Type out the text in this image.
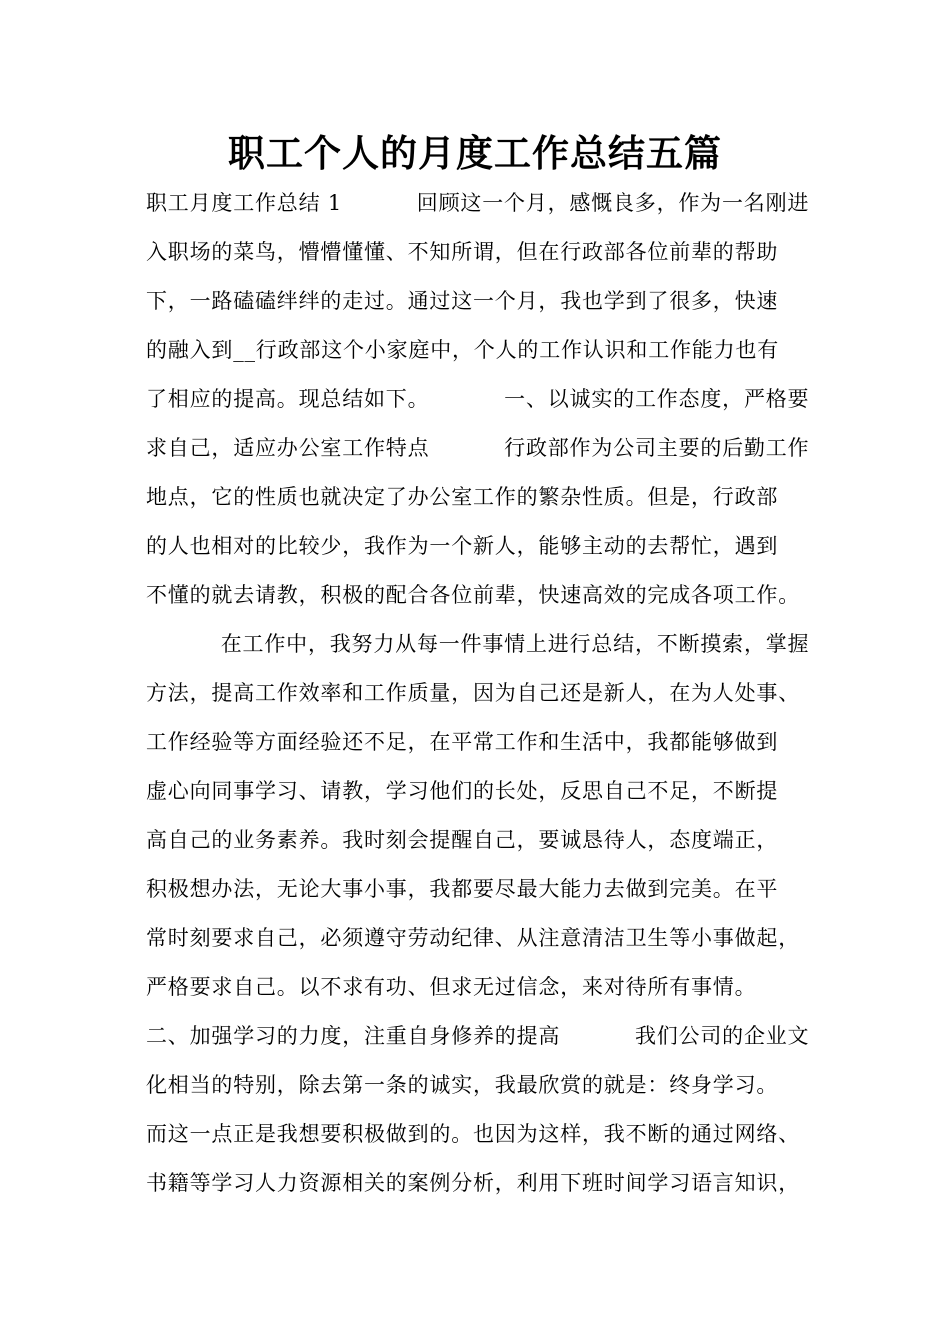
职工个人的月度工作总结五篇
职工月度工作总结 1          回顾这一个月，感慨良多，作为一名刚进
入职场的菜鸟，懵懵懂懂、不知所谓，但在行政部各位前辈的帮助
下，一路磕磕绊绊的走过。通过这一个月，我也学到了很多，快速
的融入到__行政部这个小家庭中，个人的工作认识和工作能力也有
了相应的提高。现总结如下。          一、以诚实的工作态度，严格要
求自己，适应办公室工作特点          行政部作为公司主要的后勤工作
地点，它的性质也就决定了办公室工作的繁杂性质。但是，行政部
的人也相对的比较少，我作为一个新人，能够主动的去帮忙，遇到
不懂的就去请教，积极的配合各位前辈，快速高效的完成各项工作。
在工作中，我努力从每一件事情上进行总结，不断摸索，掌握
方法，提高工作效率和工作质量，因为自己还是新人，在为人处事、
工作经验等方面经验还不足，在平常工作和生活中，我都能够做到
虚心向同事学习、请教，学习他们的长处，反思自己不足，不断提
高自己的业务素养。我时刻会提醒自己，要诚恳待人，态度端正，
积极想办法，无论大事小事，我都要尽最大能力去做到完美。在平
常时刻要求自己，必须遵守劳动纪律、从注意清洁卫生等小事做起，
严格要求自己。以不求有功、但求无过信念，来对待所有事情。
二、加强学习的力度，注重自身修养的提高          我们公司的企业文
化相当的特别，除去第一条的诚实，我最欣赏的就是：终身学习。
而这一点正是我想要积极做到的。也因为这样，我不断的通过网络、
书籍等学习人力资源相关的案例分析，利用下班时间学习语言知识，
